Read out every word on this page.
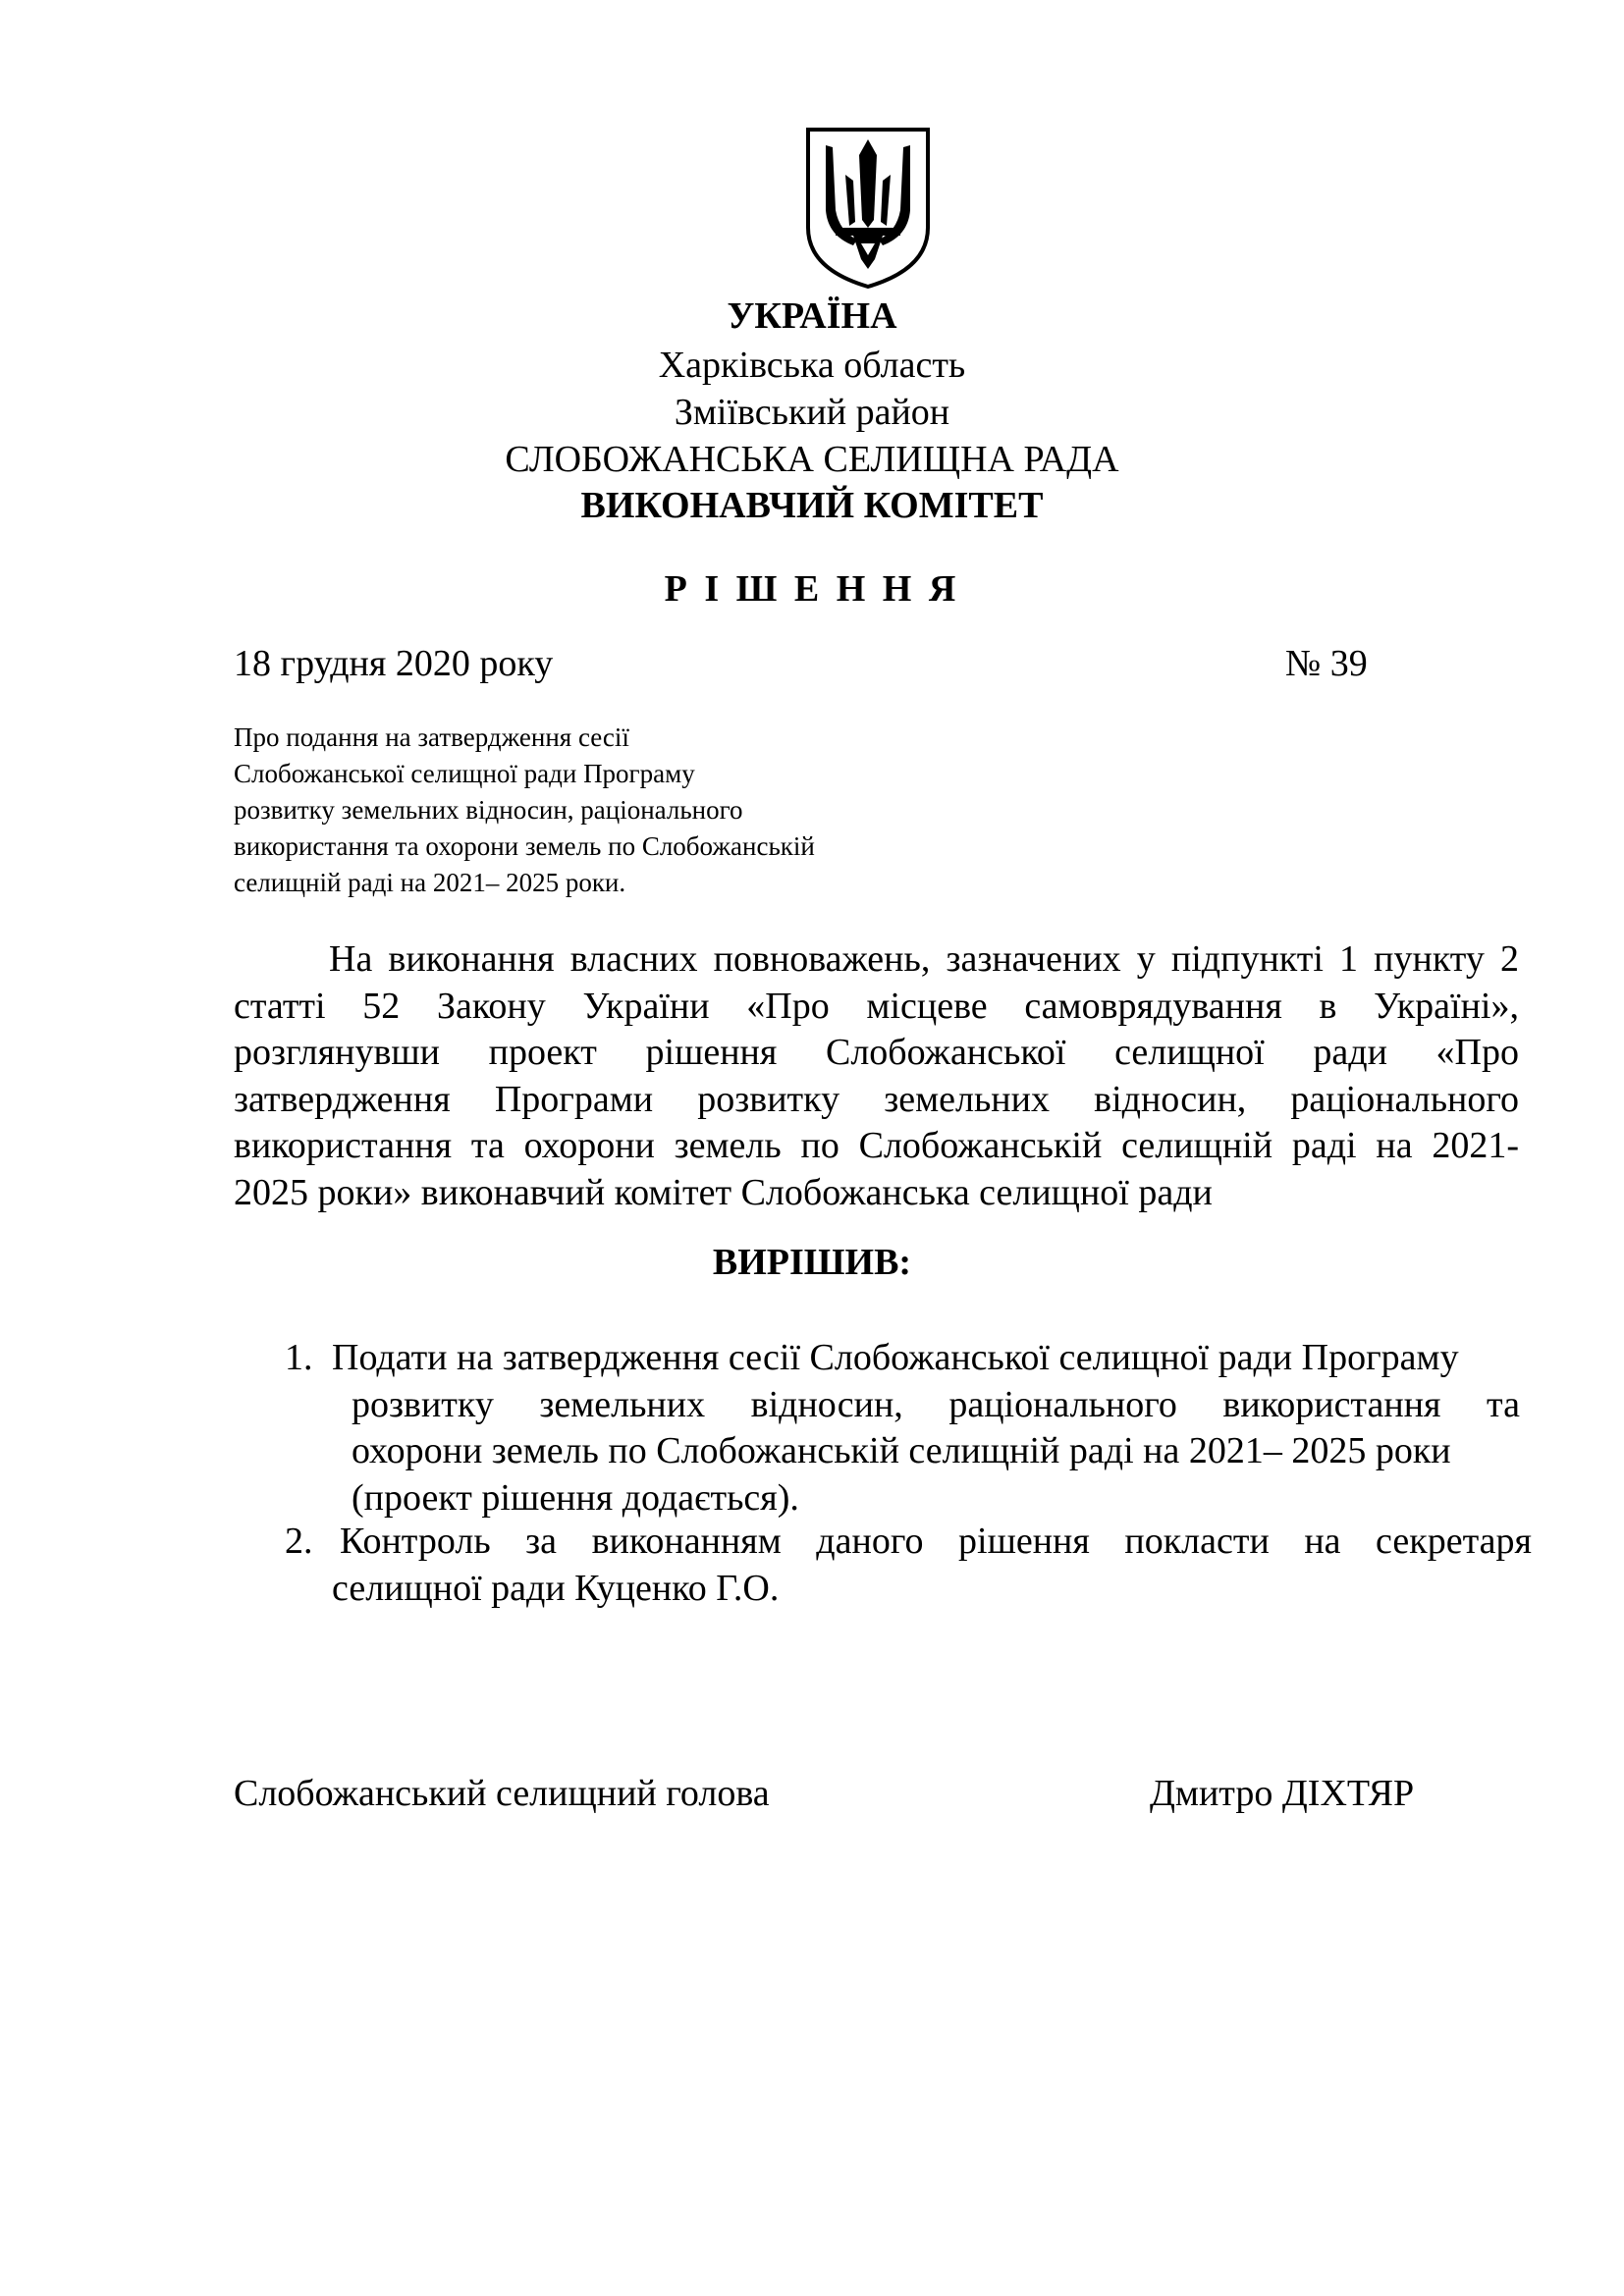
УКРАЇНА
Харківська область
Зміївський район
СЛОБОЖАНСЬКА СЕЛИЩНА РАДА
ВИКОНАВЧИЙ КОМІТЕТ
Р І Ш Е Н Н Я
18 грудня 2020 року	№ 39
Про подання на затвердження сесії
Слобожанської селищної ради Програму
розвитку земельних відносин, раціонального
використання та охорони земель по Слобожанській
селищній раді на 2021– 2025 роки.
На виконання власних повноважень, зазначених у підпункті 1 пункту 2
статті 52 Закону України «Про місцеве самоврядування в Україні»,
розглянувши проект рішення Слобожанської селищної ради «Про
затвердження Програми розвитку земельних відносин, раціонального
використання та охорони земель по Слобожанській селищній раді на 2021-
2025 роки» виконавчий комітет Слобожанська селищної ради
ВИРІШИВ:
1. Подати на затвердження сесії Слобожанської селищної ради Програму
розвитку земельних відносин, раціонального використання та
охорони земель по Слобожанській селищній раді на 2021– 2025 роки
(проект рішення додається).
2. Контроль за виконанням даного рішення покласти на секретаря
селищної ради Куценко Г.О.
Слобожанський селищний голова	Дмитро ДІХТЯР
